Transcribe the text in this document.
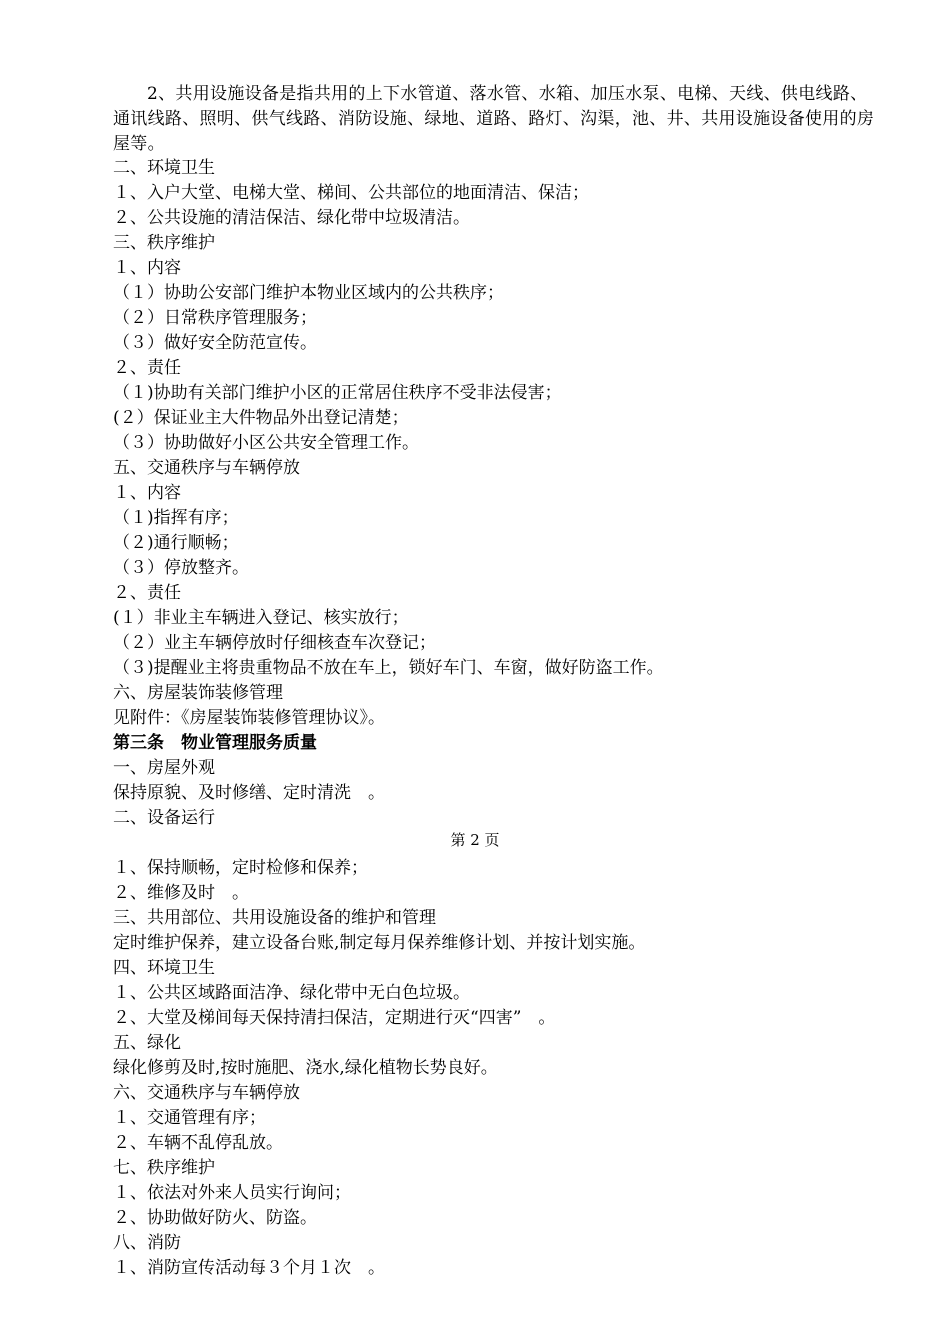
2、共用设施设备是指共用的上下水管道、落水管、水箱、加压水泵、电梯、天线、供电线路、通讯线路、照明、供气线路、消防设施、绿地、道路、路灯、沟渠，池、井、共用设施设备使用的房屋等。
二、环境卫生
１、入户大堂、电梯大堂、梯间、公共部位的地面清洁、保洁；
２、公共设施的清洁保洁、绿化带中垃圾清洁。
三、秩序维护
１、内容
（１）协助公安部门维护本物业区域内的公共秩序；
（２）日常秩序管理服务；
（３）做好安全防范宣传。
２、责任
（１)协助有关部门维护小区的正常居住秩序不受非法侵害；
(２）保证业主大件物品外出登记清楚；
（３）协助做好小区公共安全管理工作。
五、交通秩序与车辆停放
１、内容
（１)指挥有序；
（２)通行顺畅；
（３）停放整齐。
２、责任
(１）非业主车辆进入登记、核实放行；
（２）业主车辆停放时仔细核查车次登记；
（３)提醒业主将贵重物品不放在车上，锁好车门、车窗，做好防盗工作。
六、房屋装饰装修管理
见附件：《房屋装饰装修管理协议》。
第三条　物业管理服务质量
一、房屋外观
保持原貌、及时修缮、定时清洗　。
二、设备运行
第 2 页
１、保持顺畅，定时检修和保养；
２、维修及时　。
三、共用部位、共用设施设备的维护和管理
定时维护保养，建立设备台账,制定每月保养维修计划、并按计划实施。
四、环境卫生
１、公共区域路面洁净、绿化带中无白色垃圾。
２、大堂及梯间每天保持清扫保洁，定期进行灭“四害”　。
五、绿化
绿化修剪及时,按时施肥、浇水,绿化植物长势良好。
六、交通秩序与车辆停放
１、交通管理有序；
２、车辆不乱停乱放。
七、秩序维护
１、依法对外来人员实行询问；
２、协助做好防火、防盗。
八、消防
１、消防宣传活动每３个月１次　。
